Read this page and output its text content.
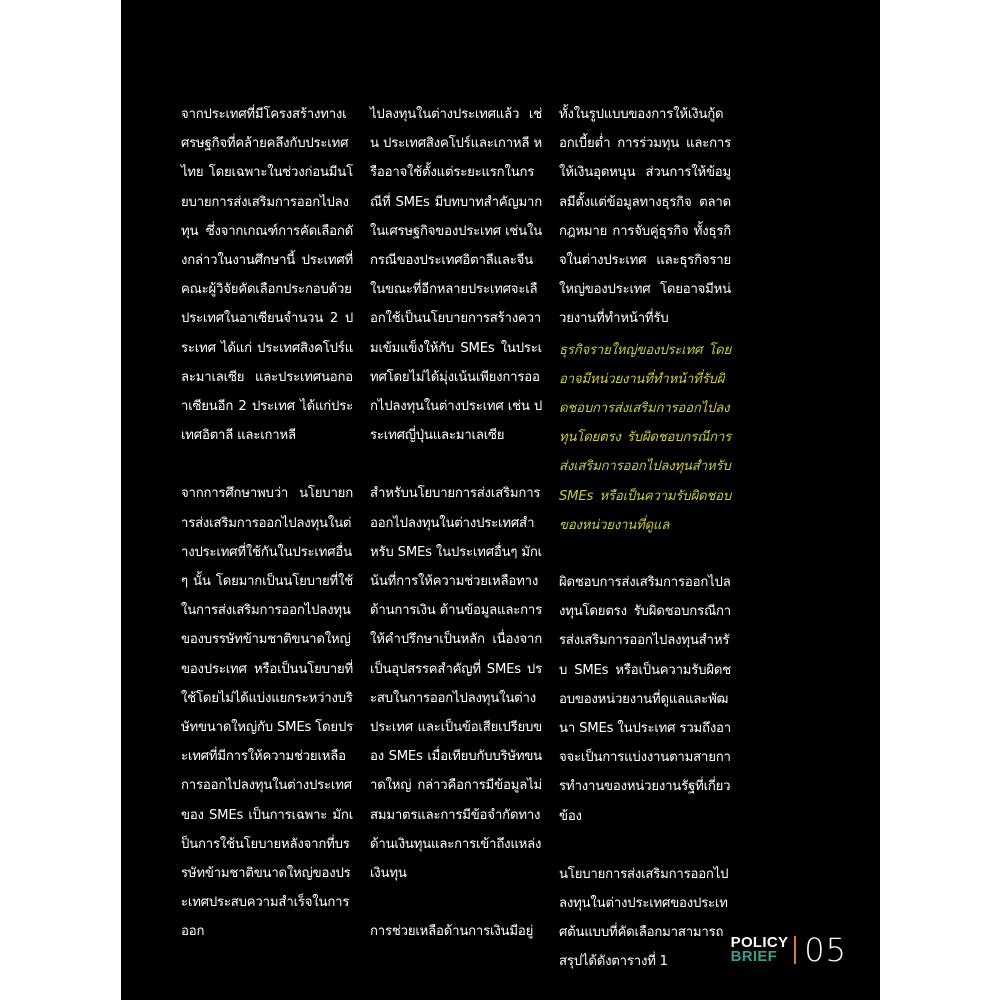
จากประเทศที่มีโครงสร้างทางเศรษฐกิจที่คล้ายคลึงกับประเทศไทย โดยเฉพาะในช่วงก่อนมีนโยบายการส่งเสริมการออกไปลงทุน ซึ่งจากเกณฑ์การคัดเลือกดังกล่าวในงานศึกษานี้ ประเทศที่คณะผู้วิจัยคัดเลือกประกอบด้วยประเทศในอาเซียนจำนวน 2 ประเทศ ได้แก่ ประเทศสิงคโปร์และมาเลเซีย และประเทศนอกอาเซียนอีก 2 ประเทศ ได้แก่ประเทศอิตาลี และเกาหลี

จากการศึกษาพบว่า นโยบายการส่งเสริมการออกไปลงทุนในต่างประเทศที่ใช้กันในประเทศอื่นๆ นั้น โดยมากเป็นนโยบายที่ใช้ในการส่งเสริมการออกไปลงทุนของบรรษัทข้ามชาติขนาดใหญ่ของประเทศ หรือเป็นนโยบายที่ใช้โดยไม่ได้แบ่งแยกระหว่างบริษัทขนาดใหญ่กับ SMEs โดยประเทศที่มีการให้ความช่วยเหลือการออกไปลงทุนในต่างประเทศของ SMEs เป็นการเฉพาะ มักเป็นการใช้นโยบายหลังจากที่บรรษัทข้ามชาติขนาดใหญ่ของประเทศประสบความสำเร็จในการออก

ไปลงทุนในต่างประเทศแล้ว เช่น ประเทศสิงคโปร์และเกาหลี หรืออาจใช้ตั้งแต่ระยะแรกในกรณีที่ SMEs มีบทบาทสำคัญมากในเศรษฐกิจของประเทศ เช่นในกรณีของประเทศอิตาลีและจีน ในขณะที่อีกหลายประเทศจะเลือกใช้เป็นนโยบายการสร้างความเข้มแข็งให้กับ SMEs ในประเทศโดยไม่ได้มุ่งเน้นเพียงการออกไปลงทุนในต่างประเทศ เช่น ประเทศญี่ปุ่นและมาเลเซีย

สำหรับนโยบายการส่งเสริมการออกไปลงทุนในต่างประเทศสำหรับ SMEs ในประเทศอื่นๆ มักเน้นที่การให้ความช่วยเหลือทางด้านการเงิน ด้านข้อมูลและการให้คำปรึกษาเป็นหลัก เนื่องจากเป็นอุปสรรคสำคัญที่ SMEs ประสบในการออกไปลงทุนในต่างประเทศ และเป็นข้อเสียเปรียบของ SMEs เมื่อเทียบกับบริษัทขนาดใหญ่ กล่าวคือการมีข้อมูลไม่สมมาตรและการมีข้อจำกัดทางด้านเงินทุนและการเข้าถึงแหล่งเงินทุน

การช่วยเหลือด้านการเงินมีอยู่

ทั้งในรูปแบบของการให้เงินกู้ดอกเบี้ยต่ำ การร่วมทุน และการให้เงินอุดหนุน ส่วนการให้ข้อมูลมีตั้งแต่ข้อมูลทางธุรกิจ ตลาด กฎหมาย การจับคู่ธุรกิจ ทั้งธุรกิจในต่างประเทศ และธุรกิจรายใหญ่ของประเทศ โดยอาจมีหน่วยงานที่ทำหน้าที่รับ

ธุรกิจรายใหญ่ของประเทศ โดยอาจมีหน่วยงานที่ทำหน้าที่รับผิดชอบการส่งเสริมการออกไปลงทุนโดยตรง รับผิดชอบกรณีการส่งเสริมการออกไปลงทุนสำหรับ SMEs หรือเป็นความรับผิดชอบของหน่วยงานที่ดูแล

ผิดชอบการส่งเสริมการออกไปลงทุนโดยตรง รับผิดชอบกรณีการส่งเสริมการออกไปลงทุนสำหรับ SMEs หรือเป็นความรับผิดชอบของหน่วยงานที่ดูแลและพัฒนา SMEs ในประเทศ รวมถึงอาจจะเป็นการแบ่งงานตามสายการทำงานของหน่วยงานรัฐที่เกี่ยวข้อง

นโยบายการส่งเสริมการออกไปลงทุนในต่างประเทศของประเทศต้นแบบที่คัดเลือกมาสามารถสรุปได้ดังตารางที่ 1

POLICY
BRIEF 05
